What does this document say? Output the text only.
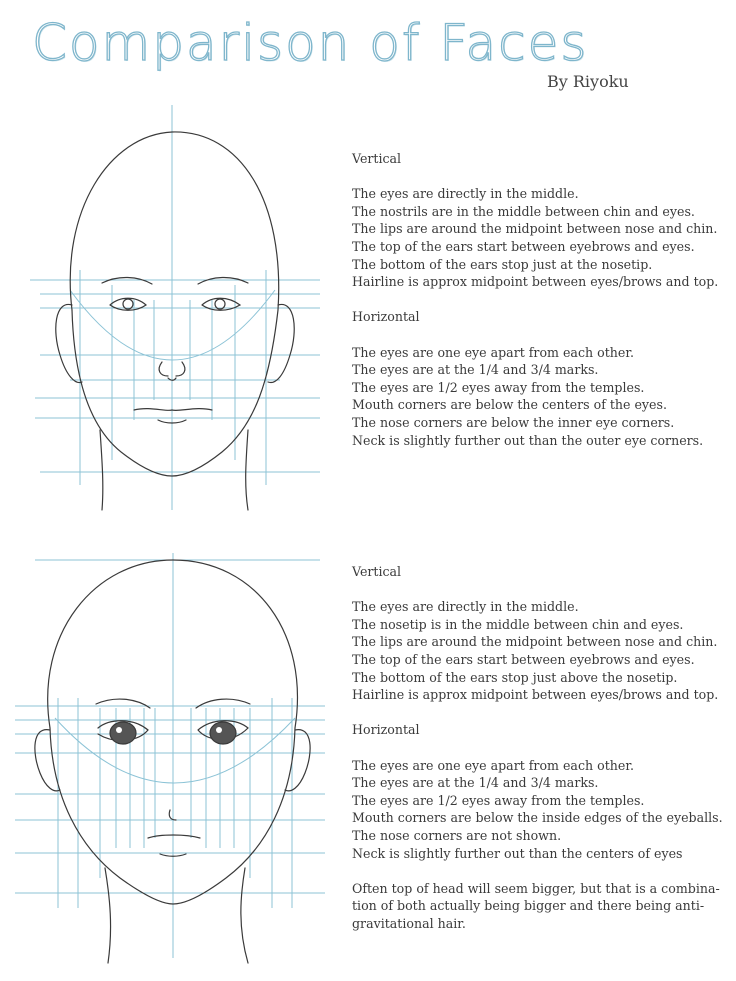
Comparison of Faces
By Riyoku
Vertical
The eyes are directly in the middle.
The nostrils are in the middle between chin and eyes.
The lips are around the midpoint between nose and chin.
The top of the ears start between eyebrows and eyes.
The bottom of the ears stop just at the nosetip.
Hairline is approx midpoint between eyes/brows and top.
Horizontal
The eyes are one eye apart from each other.
The eyes are at the 1/4 and 3/4 marks.
The eyes are 1/2 eyes away from the temples.
Mouth corners are below the centers of the eyes.
The nose corners are below the inner eye corners.
Neck is slightly further out than the outer eye corners.
Vertical
The eyes are directly in the middle.
The nosetip is in the middle between chin and eyes.
The lips are around the midpoint between nose and chin.
The top of the ears start between eyebrows and eyes.
The bottom of the ears stop just above the nosetip.
Hairline is approx midpoint between eyes/brows and top.
Horizontal
The eyes are one eye apart from each other.
The eyes are at the 1/4 and 3/4 marks.
The eyes are 1/2 eyes away from the temples.
Mouth corners are below the inside edges of the eyeballs.
The nose corners are not shown.
Neck is slightly further out than the centers of eyes

Often top of head will seem bigger, but that is a combina-

tion of both actually being bigger and there being anti-

gravitational hair.
